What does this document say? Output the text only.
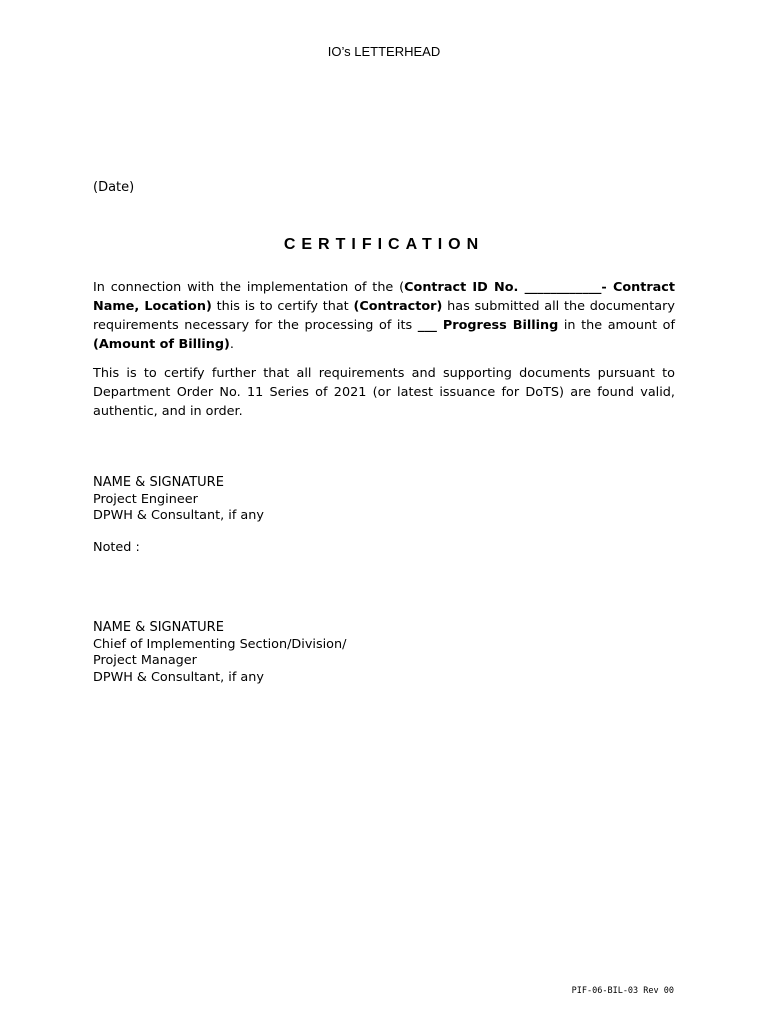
IO’s LETTERHEAD
(Date)
CERTIFICATION
In connection with the implementation of the (Contract ID No. ____________- Contract Name, Location) this is to certify that (Contractor) has submitted all the documentary requirements necessary for the processing of its ___ Progress Billing in the amount of (Amount of Billing).
This is to certify further that all requirements and supporting documents pursuant to Department Order No. 11 Series of 2021 (or latest issuance for DoTS) are found valid, authentic, and in order.
NAME & SIGNATURE
Project Engineer
DPWH & Consultant, if any
Noted :
NAME & SIGNATURE
Chief of Implementing Section/Division/
Project Manager
DPWH & Consultant, if any
PIF-06-BIL-03 Rev 00
